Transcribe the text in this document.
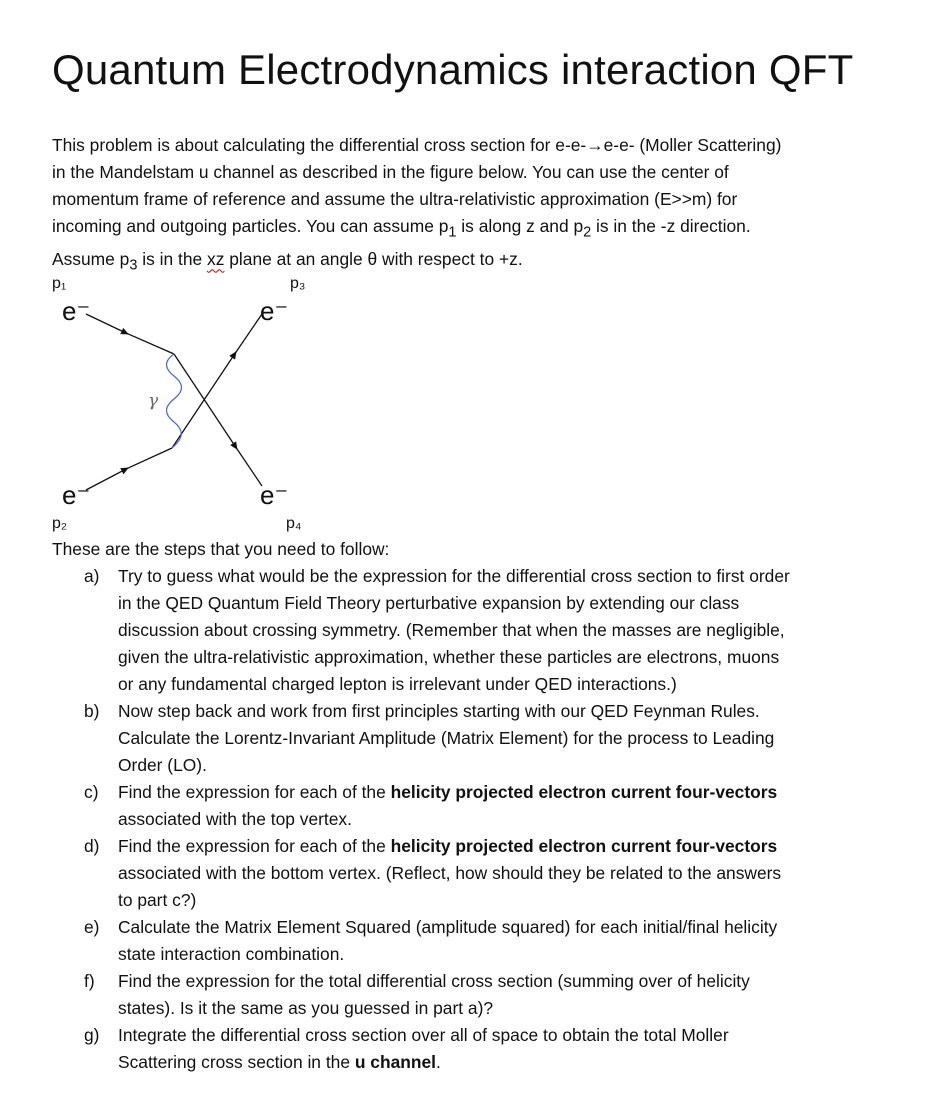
Quantum Electrodynamics interaction QFT
This problem is about calculating the differential cross section for e-e-→e-e- (Moller Scattering)
in the Mandelstam u channel as described in the figure below. You can use the center of
momentum frame of reference and assume the ultra-relativistic approximation (E>>m) for
incoming and outgoing particles. You can assume $p_1$ is along z and $p_2$ is in the -z direction.
Assume $p_3$ is in the xz plane at an angle θ with respect to +z.
p₁	p₃
p₂	p₄
e⁻	e⁻
e⁻	e⁻
γ

These are the steps that you need to follow:

a) Try to guess what would be the expression for the differential cross section to first order
in the QED Quantum Field Theory perturbative expansion by extending our class
discussion about crossing symmetry. (Remember that when the masses are negligible,
given the ultra-relativistic approximation, whether these particles are electrons, muons
or any fundamental charged lepton is irrelevant under QED interactions.)
b) Now step back and work from first principles starting with our QED Feynman Rules.
Calculate the Lorentz-Invariant Amplitude (Matrix Element) for the process to Leading
Order (LO).
c) Find the expression for each of the helicity projected electron current four-vectors
associated with the top vertex.
d) Find the expression for each of the helicity projected electron current four-vectors
associated with the bottom vertex. (Reflect, how should they be related to the answers
to part c?)
e) Calculate the Matrix Element Squared (amplitude squared) for each initial/final helicity
state interaction combination.
f) Find the expression for the total differential cross section (summing over of helicity
states). Is it the same as you guessed in part a)?
g) Integrate the differential cross section over all of space to obtain the total Moller
Scattering cross section in the u channel.
